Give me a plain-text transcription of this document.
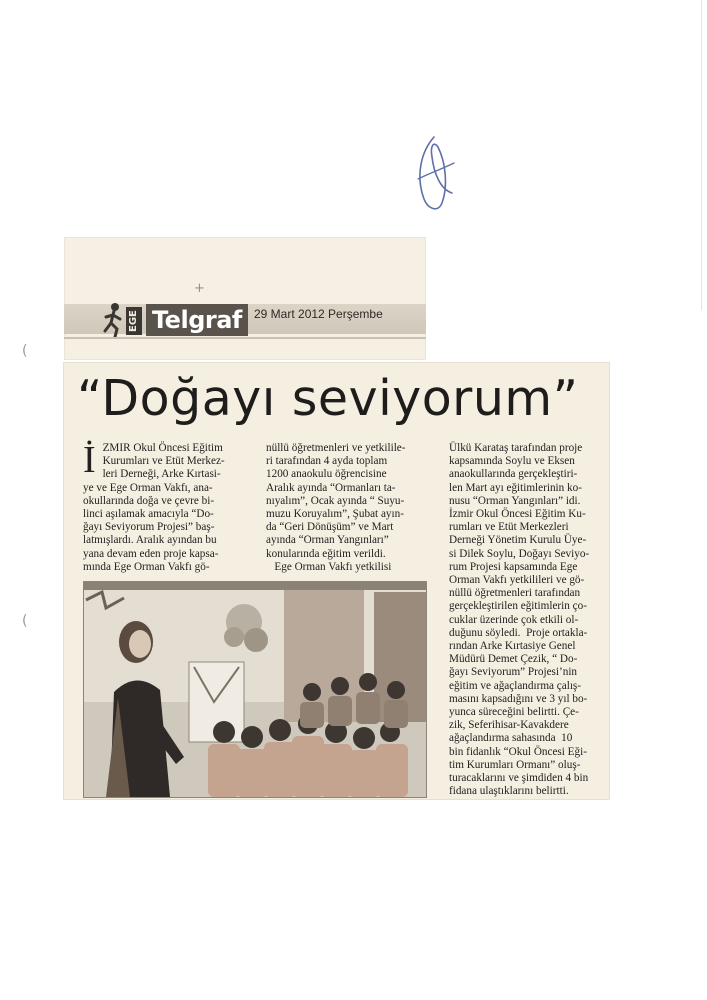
(
(
+
EGE Telgraf	29 Mart 2012 Perşembe
“Doğayı seviyorum”
İ ZMIR Okul Öncesi Eğitim
Kurumları ve Etüt Merkez-
leri Derneği, Arke Kırtasi-
ye ve Ege Orman Vakfı, ana-
okullarında doğa ve çevre bi-
linci aşılamak amacıyla “Do-
ğayı Seviyorum Projesi” baş-
latmışlardı. Aralık ayından bu
yana devam eden proje kapsa-
mında Ege Orman Vakfı gö-

nüllü öğretmenleri ve yetkilile-
ri tarafından 4 ayda toplam
1200 anaokulu öğrencisine
Aralık ayında “Ormanları ta-
nıyalım”, Ocak ayında “ Suyu-
muzu Koruyalım”, Şubat ayın-
da “Geri Dönüşüm” ve Mart
ayında “Orman Yangınları”
konularında eğitim verildi.
Ege Orman Vakfı yetkilisi

Ülkü Karataş tarafından proje
kapsamında Soylu ve Eksen
anaokullarında gerçekleştiri-
len Mart ayı eğitimlerinin ko-
nusu “Orman Yangınları” idi.
İzmir Okul Öncesi Eğitim Ku-
rumları ve Etüt Merkezleri
Derneği Yönetim Kurulu Üye-
si Dilek Soylu, Doğayı Seviyo-
rum Projesi kapsamında Ege
Orman Vakfı yetkilileri ve gö-
nüllü öğretmenleri tarafından
gerçekleştirilen eğitimlerin ço-
cuklar üzerinde çok etkili ol-
duğunu söyledi.  Proje ortakla-
rından Arke Kırtasiye Genel
Müdürü Demet Çezik, “ Do-
ğayı Seviyorum” Projesi’nin
eğitim ve ağaçlandırma çalış-
masını kapsadığını ve 3 yıl bo-
yunca süreceğini belirtti. Çe-
zik, Seferihisar-Kavakdere
ağaçlandırma sahasında  10
bin fidanlık “Okul Öncesi Eği-
tim Kurumları Ormanı” oluş-
turacaklarını ve şimdiden 4 bin
fidana ulaştıklarını belirtti.
